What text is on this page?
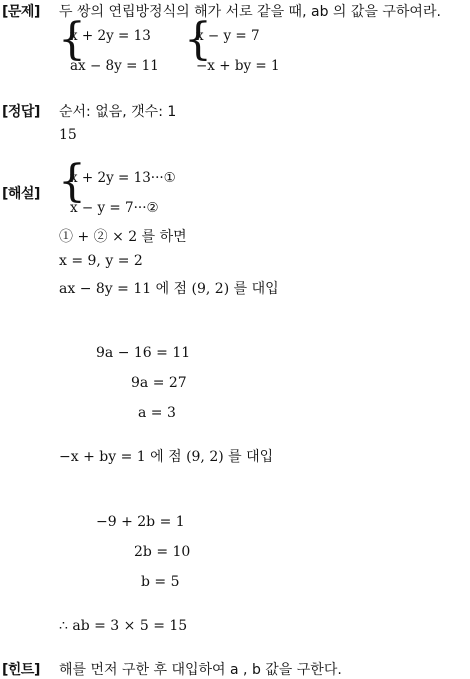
[문제] 두 쌍의 연립방정식의 해가 서로 같을 때, ab 의 값을 구하여라.
{
x + 2y = 13
ax − 8y = 11
{
x − y = 7
−x + by = 1
[정답] 순서: 없음, 갯수: 1
15
[해설] {
x + 2y = 13···①
x − y = 7···②
① + ② × 2 를 하면
x = 9, y = 2
ax − 8y = 11 에 점 (9, 2) 를 대입
9a − 16 = 11
9a = 27
a = 3
−x + by = 1 에 점 (9, 2) 를 대입
−9 + 2b = 1
2b = 10
b = 5
∴ ab = 3 × 5 = 15
[힌트] 해를 먼저 구한 후 대입하여 a , b 값을 구한다.
